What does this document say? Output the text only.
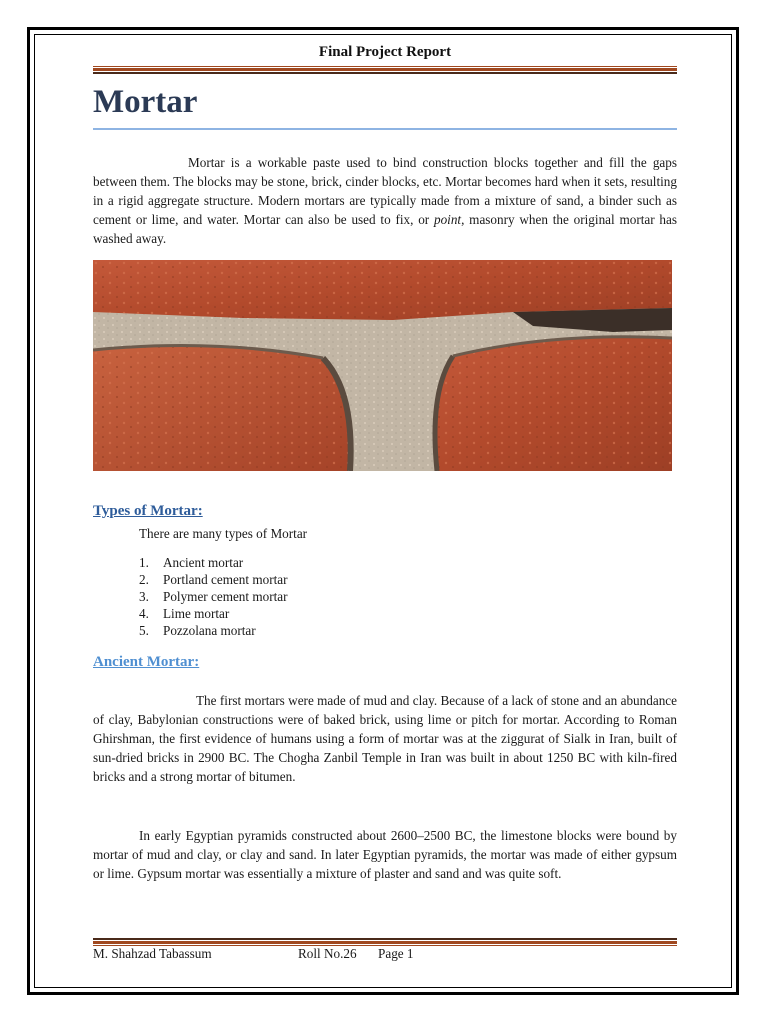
Final Project Report
Mortar
Mortar is a workable paste used to bind construction blocks together and fill the gaps between them. The blocks may be stone, brick, cinder blocks, etc. Mortar becomes hard when it sets, resulting in a rigid aggregate structure. Modern mortars are typically made from a mixture of sand, a binder such as cement or lime, and water. Mortar can also be used to fix, or point, masonry when the original mortar has washed away.
Types of Mortar:
There are many types of Mortar
1.	Ancient mortar
2.	Portland cement mortar
3.	Polymer cement mortar
4.	Lime mortar
5.	Pozzolana mortar
Ancient Mortar:
The first mortars were made of mud and clay. Because of a lack of stone and an abundance of clay, Babylonian constructions were of baked brick, using lime or pitch for mortar. According to Roman Ghirshman, the first evidence of humans using a form of mortar was at the ziggurat of Sialk in Iran, built of sun-dried bricks in 2900 BC. The Chogha Zanbil Temple in Iran was built in about 1250 BC with kiln-fired bricks and a strong mortar of bitumen.
In early Egyptian pyramids constructed about 2600–2500 BC, the limestone blocks were bound by mortar of mud and clay, or clay and sand. In later Egyptian pyramids, the mortar was made of either gypsum or lime. Gypsum mortar was essentially a mixture of plaster and sand and was quite soft.
M. Shahzad Tabassum	Roll No.26 Page 1
